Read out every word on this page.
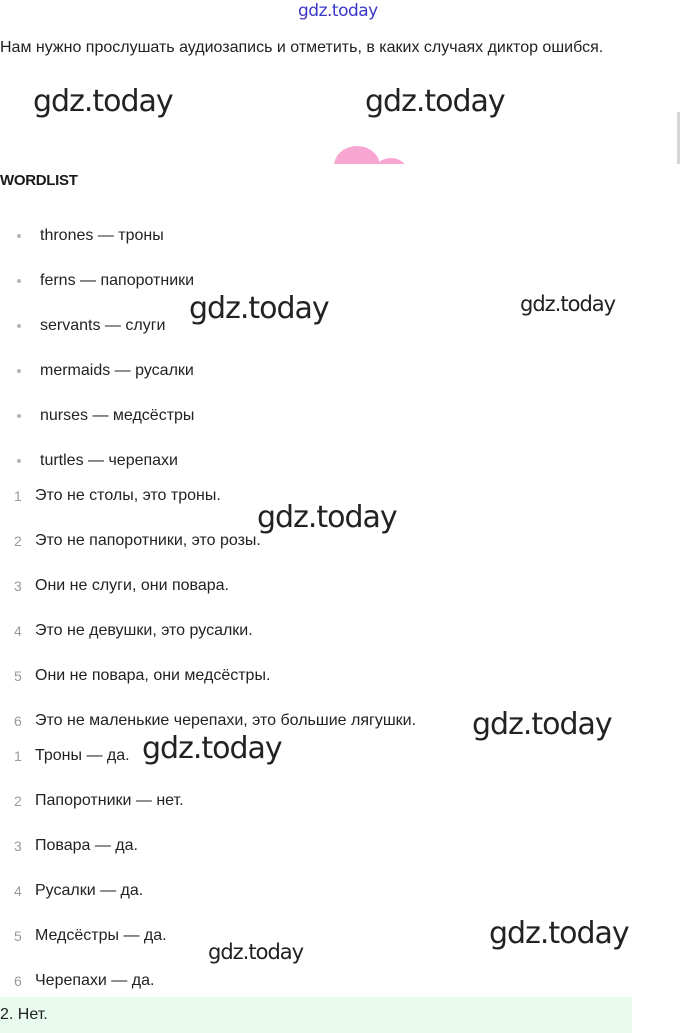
gdz.today
Нам нужно прослушать аудиозапись и отметить, в каких случаях диктор ошибся.
WORDLIST
thrones — троны
ferns — папоротники
servants — слуги
mermaids — русалки
nurses — медсёстры
turtles — черепахи
1 Это не столы, это троны.
2 Это не папоротники, это розы.
3 Они не слуги, они повара.
4 Это не девушки, это русалки.
5 Они не повара, они медсёстры.
6 Это не маленькие черепахи, это большие лягушки.
1 Троны — да.
2 Папоротники — нет.
3 Повара — да.
4 Русалки — да.
5 Медсёстры — да.
6 Черепахи — да.
2. Нет.
gdz.today	gdz.today
gdz.today	gdz.today
gdz.today
gdz.today
gdz.today
gdz.today
gdz.today
